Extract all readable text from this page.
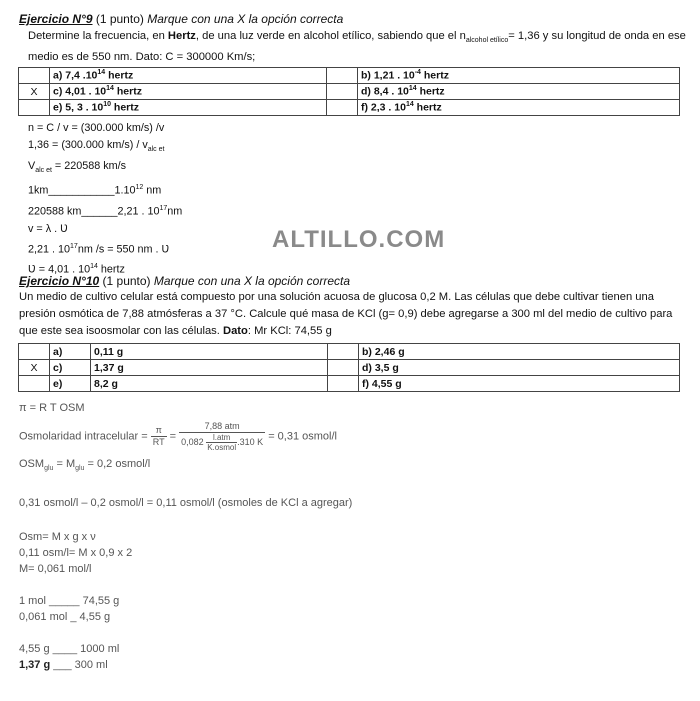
Ejercicio N°9 (1 punto) Marque con una X la opción correcta
Determine la frecuencia, en Hertz, de una luz verde en alcohol etílico, sabiendo que el $n_{alcohol etílico}= 1,36$ y su longitud de onda en ese medio es de 550 nm. Dato: C = 300000 Km/s;
	a) 7,4 $.10^{14}$ hertz		b) 1,21 . $10^{-4}$ hertz
X	c) 4,01 . $10^{14}$ hertz		d) 8,4 . $10^{14}$ hertz
	e) 5, 3 . $10^{10}$ hertz		f) 2,3 . $10^{14}$ hertz
n = C / v = (300.000 km/s) /v
1,36 = (300.000 $km/s) / v_{alc et}$
$V_{alc et} = 220588$ km/s
1km___________1.10$^{12}$ nm
220588 km______2,21 . $10^{17}nm$
v = λ . Ʋ
2,21 . $10^{17}nm$ /s = 550 nm . Ʋ
Ʋ = 4,01 . $10^{14}$ hertz
ALTILLO.COM
Ejercicio N°10 (1 punto) Marque con una X la opción correcta
Un medio de cultivo celular está compuesto por una solución acuosa de glucosa 0,2 M. Las células que debe cultivar tienen una presión osmótica de 7,88 atmósferas a 37 °C. Calcule qué masa de KCl (g= 0,9) debe agregarse a 300 ml del medio de cultivo para que este sea isoosmolar con las células. Dato: Mr KCl: 74,55 g
	a)	0,11 g		b) 2,46 g
X	c)	1,37 g		d) 3,5 g
	e)	8,2 g		f) 4,55 g
π = R T OSM
Osmolaridad intracelular = $\frac{\pi}{RT} = \frac{\text{7,88 atm}}{0,082 \frac{\text{l.atm}}{\text{K.osmol}} .310 K} = 0,31$ osmol/l
$OSM_{glu} = M_{glu} = 0,2$ osmol/l
0,31 osmol/l – 0,2 osmol/l = 0,11 osmol/l (osmoles de KCl a agregar)
Osm= M x g x ν
0,11 osm/l= M x 0,9 x 2
M= 0,061 mol/l
1 mol _____ 74,55 g
0,061 mol _ 4,55 g
4,55 g ____ 1000 ml
1,37 g ___ 300 ml
